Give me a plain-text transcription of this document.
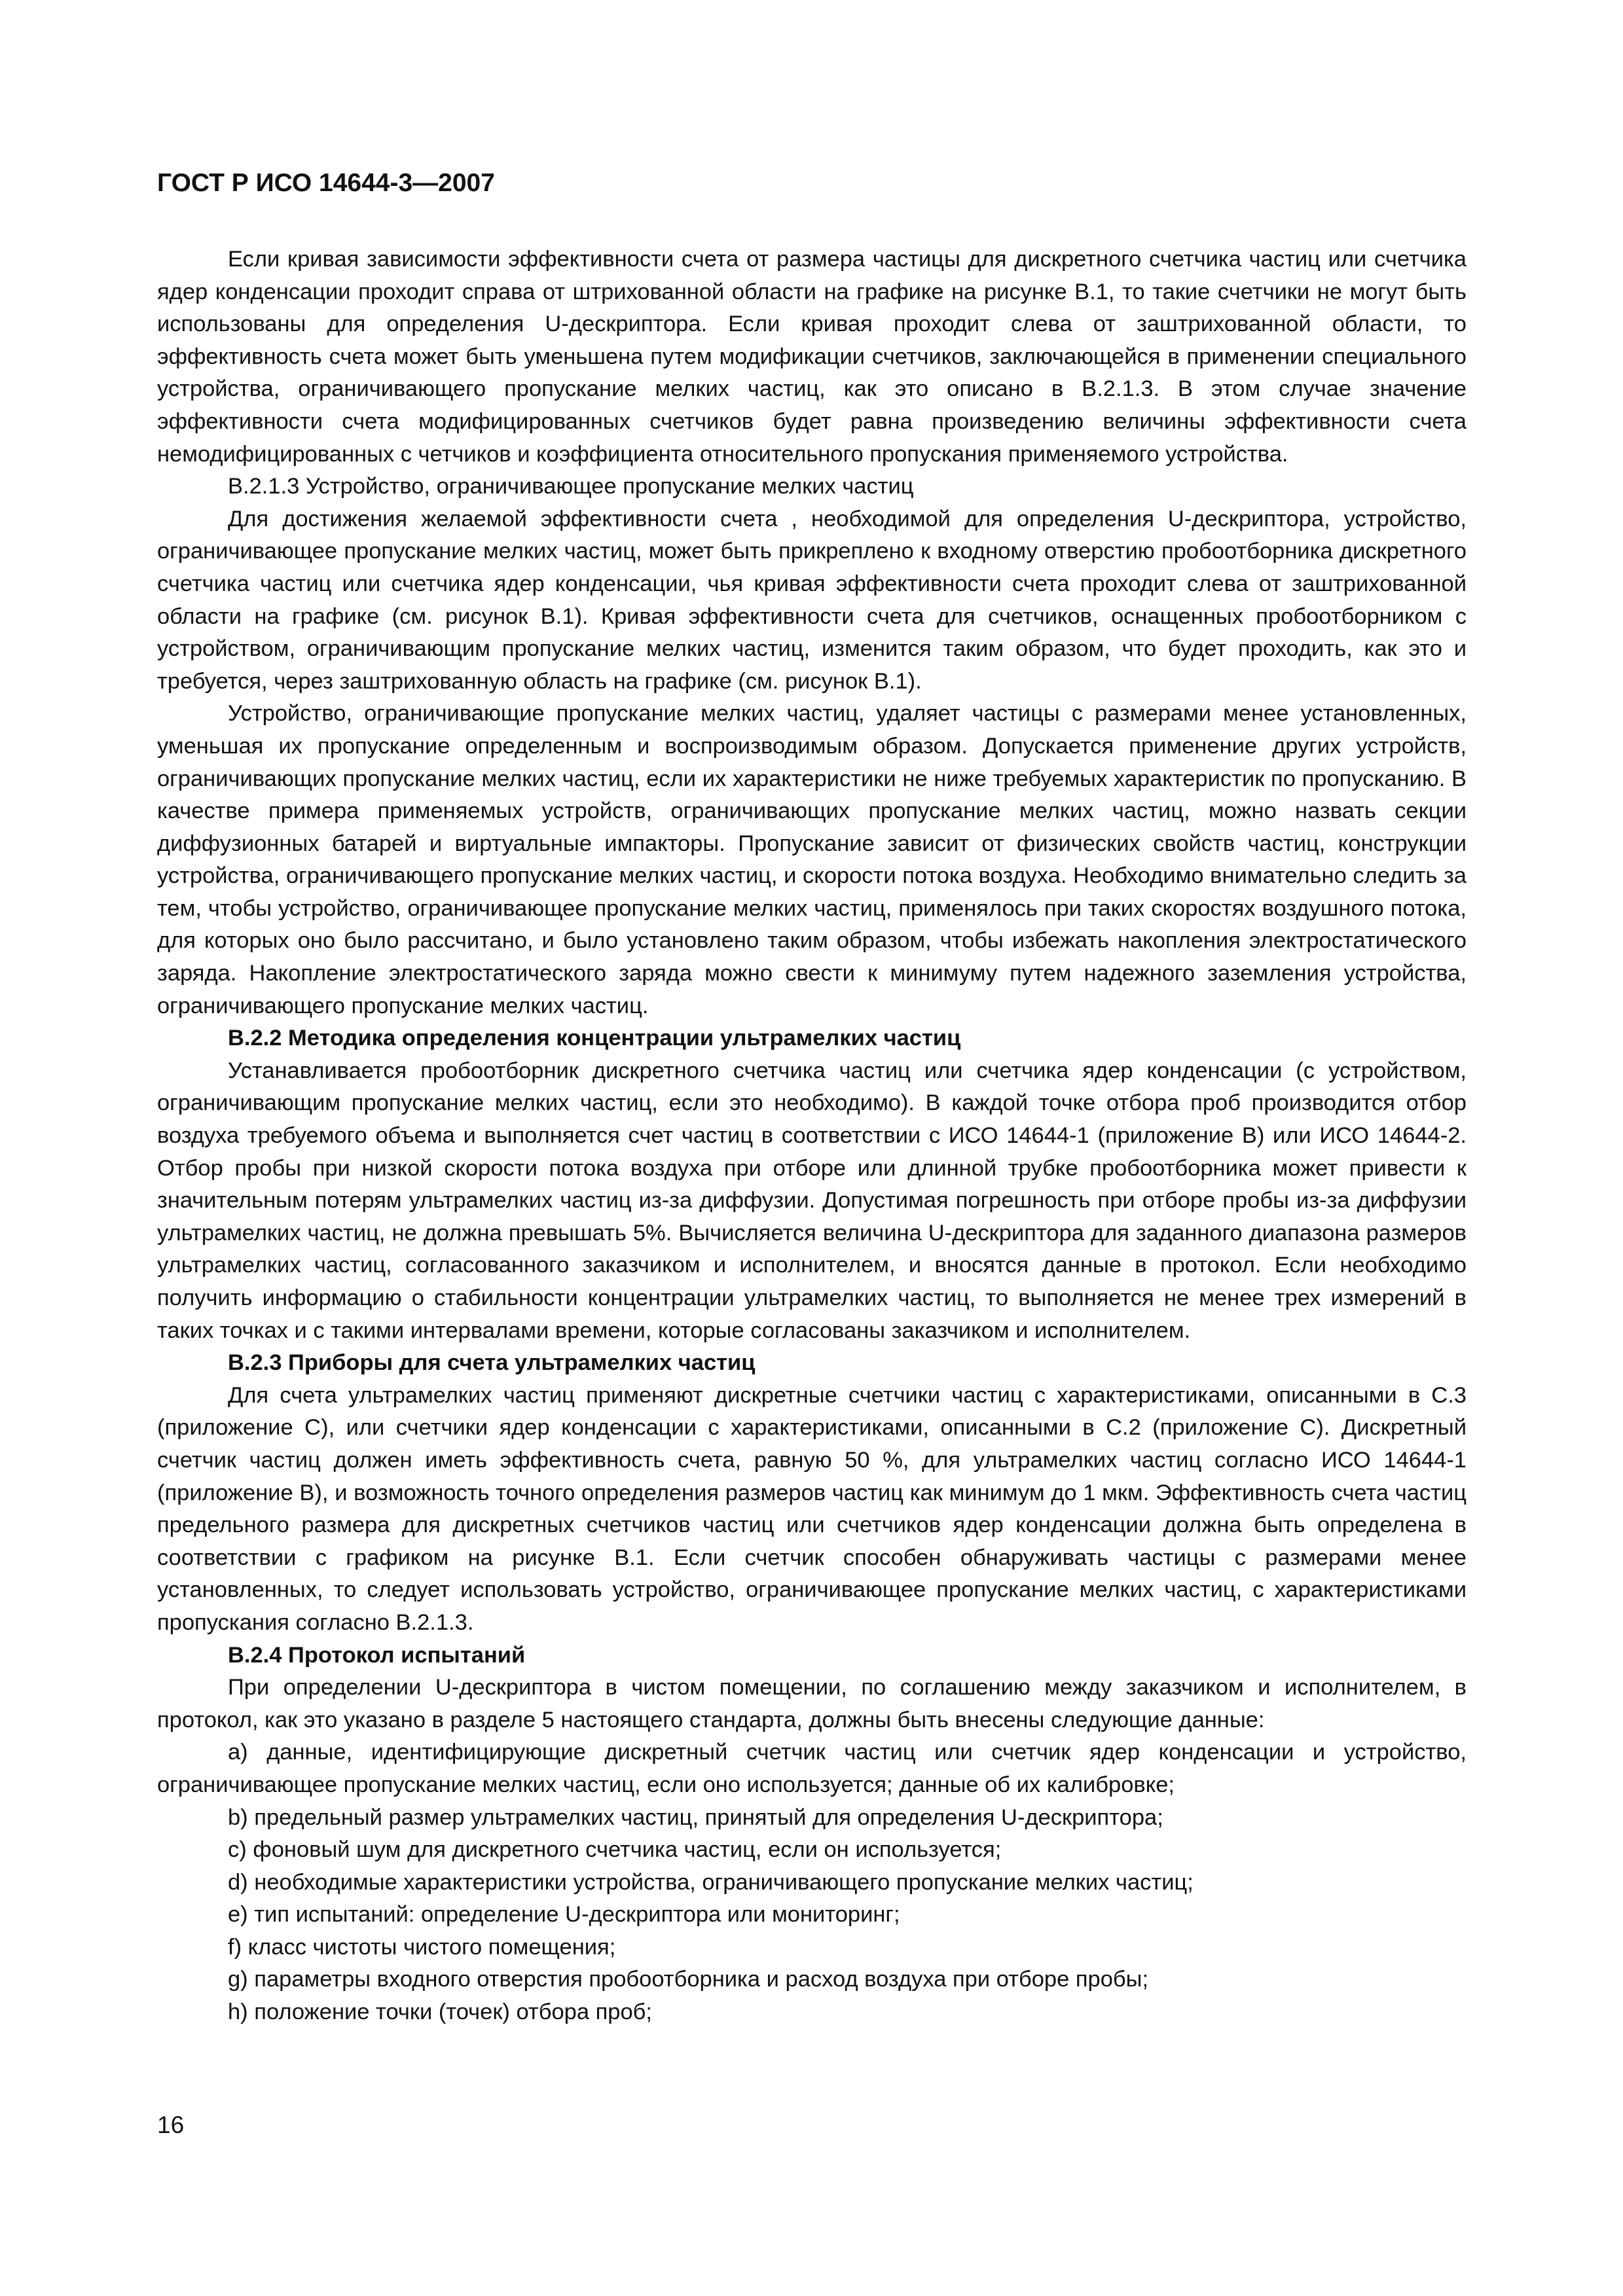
ГОСТ Р ИСО 14644-3—2007

Если кривая зависимости эффективности счета от размера частицы для дискретного счетчика частиц или счетчика ядер конденсации проходит справа от штрихованной области на графике на рисунке В.1, то такие счетчики не могут быть использованы для определения U-дескриптора. Если кривая проходит слева от заштрихованной области, то эффективность счета может быть уменьшена путем модификации счетчиков, заключающейся в применении специального устройства, ограничивающего пропускание мелких частиц, как это описано в В.2.1.3. В этом случае значение эффективности счета модифицированных счетчиков будет равна произведению величины эффективности счета немодифицированных с четчиков и коэффициента относительного пропускания применяемого устройства.

В.2.1.3 Устройство, ограничивающее пропускание мелких частиц

Для достижения желаемой эффективности счета , необходимой для определения U-дескриптора, устройство, ограничивающее пропускание мелких частиц, может быть прикреплено к входному отверстию пробоотборника дискретного счетчика частиц или счетчика ядер конденсации, чья кривая эффективности счета проходит слева от заштрихованной области на графике (см. рисунок В.1). Кривая эффективности счета для счетчиков, оснащенных пробоотборником с устройством, ограничивающим пропускание мелких частиц, изменится таким образом, что будет проходить, как это и требуется, через заштрихованную область на графике (см. рисунок В.1).

Устройство, ограничивающие пропускание мелких частиц, удаляет частицы с размерами менее установленных, уменьшая их пропускание определенным и воспроизводимым образом. Допускается применение других устройств, ограничивающих пропускание мелких частиц, если их характеристики не ниже требуемых характеристик по пропусканию. В качестве примера применяемых устройств, ограничивающих пропускание мелких частиц, можно назвать секции диффузионных батарей и виртуальные импакторы. Пропускание зависит от физических свойств частиц, конструкции устройства, ограничивающего пропускание мелких частиц, и скорости потока воздуха. Необходимо внимательно следить за тем, чтобы устройство, ограничивающее пропускание мелких частиц, применялось при таких скоростях воздушного потока, для которых оно было рассчитано, и было установлено таким образом, чтобы избежать накопления электростатического заряда. Накопление электростатического заряда можно свести к минимуму путем надежного заземления устройства, ограничивающего пропускание мелких частиц.

В.2.2 Методика определения концентрации ультрамелких частиц

Устанавливается пробоотборник дискретного счетчика частиц или счетчика ядер конденсации (с устройством, ограничивающим пропускание мелких частиц, если это необходимо). В каждой точке отбора проб производится отбор воздуха требуемого объема и выполняется счет частиц в соответствии с ИСО 14644-1 (приложение В) или ИСО 14644-2. Отбор пробы при низкой скорости потока воздуха при отборе или длинной трубке пробоотборника может привести к значительным потерям ультрамелких частиц из-за диффузии. Допустимая погрешность при отборе пробы из-за диффузии ультрамелких частиц, не должна превышать 5%. Вычисляется величина U-дескриптора для заданного диапазона размеров ультрамелких частиц, согласованного заказчиком и исполнителем, и вносятся данные в протокол. Если необходимо получить информацию о стабильности концентрации ультрамелких частиц, то выполняется не менее трех измерений в таких точках и с такими интервалами времени, которые согласованы заказчиком и исполнителем.

В.2.3 Приборы для счета ультрамелких частиц

Для счета ультрамелких частиц применяют дискретные счетчики частиц с характеристиками, описанными в С.3 (приложение С), или счетчики ядер конденсации с характеристиками, описанными в С.2 (приложение С). Дискретный счетчик частиц должен иметь эффективность счета, равную 50 %, для ультрамелких частиц согласно ИСО 14644-1 (приложение В), и возможность точного определения размеров частиц как минимум до 1 мкм. Эффективность счета частиц предельного размера для дискретных счетчиков частиц или счетчиков ядер конденсации должна быть определена в соответствии с графиком на рисунке В.1. Если счетчик способен обнаруживать частицы с размерами менее установленных, то следует использовать устройство, ограничивающее пропускание мелких частиц, с характеристиками пропускания согласно В.2.1.3.

В.2.4 Протокол испытаний

При определении U-дескриптора в чистом помещении, по соглашению между заказчиком и исполнителем, в протокол, как это указано в разделе 5 настоящего стандарта, должны быть внесены следующие данные:

a) данные, идентифицирующие дискретный счетчик частиц или счетчик ядер конденсации и устройство, ограничивающее пропускание мелких частиц, если оно используется; данные об их калибровке;

b) предельный размер ультрамелких частиц, принятый для определения U-дескриптора;

c) фоновый шум для дискретного счетчика частиц, если он используется;

d) необходимые характеристики устройства, ограничивающего пропускание мелких частиц;

e) тип испытаний: определение U-дескриптора или мониторинг;

f) класс чистоты чистого помещения;

g) параметры входного отверстия пробоотборника и расход воздуха при отборе пробы;

h) положение точки (точек) отбора проб;

16
